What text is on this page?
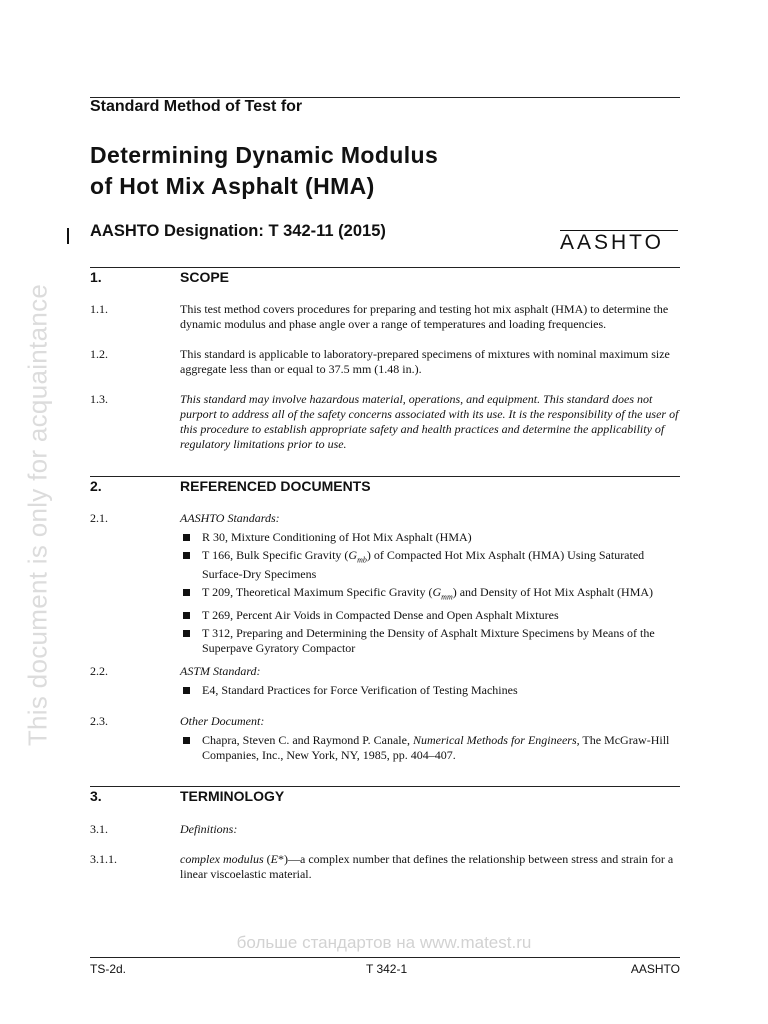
This document is only for acquaintance
Standard Method of Test for
Determining Dynamic Modulus
of Hot Mix Asphalt (HMA)
AASHTO Designation: T 342-11 (2015)	AASHTO
1.	SCOPE
1.1.	This test method covers procedures for preparing and testing hot mix asphalt (HMA) to determine the dynamic modulus and phase angle over a range of temperatures and loading frequencies.
1.2.	This standard is applicable to laboratory-prepared specimens of mixtures with nominal maximum size aggregate less than or equal to 37.5 mm (1.48 in.).
1.3.	This standard may involve hazardous material, operations, and equipment. This standard does not purport to address all of the safety concerns associated with its use. It is the responsibility of the user of this procedure to establish appropriate safety and health practices and determine the applicability of regulatory limitations prior to use.
2.	REFERENCED DOCUMENTS
2.1.	AASHTO Standards:
R 30, Mixture Conditioning of Hot Mix Asphalt (HMA)
T 166, Bulk Specific Gravity $(G_{mb})$ of Compacted Hot Mix Asphalt (HMA) Using Saturated Surface-Dry Specimens
T 209, Theoretical Maximum Specific Gravity $(G_{mm})$ and Density of Hot Mix Asphalt (HMA)
T 269, Percent Air Voids in Compacted Dense and Open Asphalt Mixtures
T 312, Preparing and Determining the Density of Asphalt Mixture Specimens by Means of the Superpave Gyratory Compactor
2.2.	ASTM Standard:
E4, Standard Practices for Force Verification of Testing Machines
2.3.	Other Document:
Chapra, Steven C. and Raymond P. Canale, Numerical Methods for Engineers, The McGraw-Hill Companies, Inc., New York, NY, 1985, pp. 404–407.
3.	TERMINOLOGY
3.1.	Definitions:
3.1.1.	complex modulus (E*)—a complex number that defines the relationship between stress and strain for a linear viscoelastic material.
больше стандартов на www.matest.ru
TS-2d.	T 342-1	AASHTO
